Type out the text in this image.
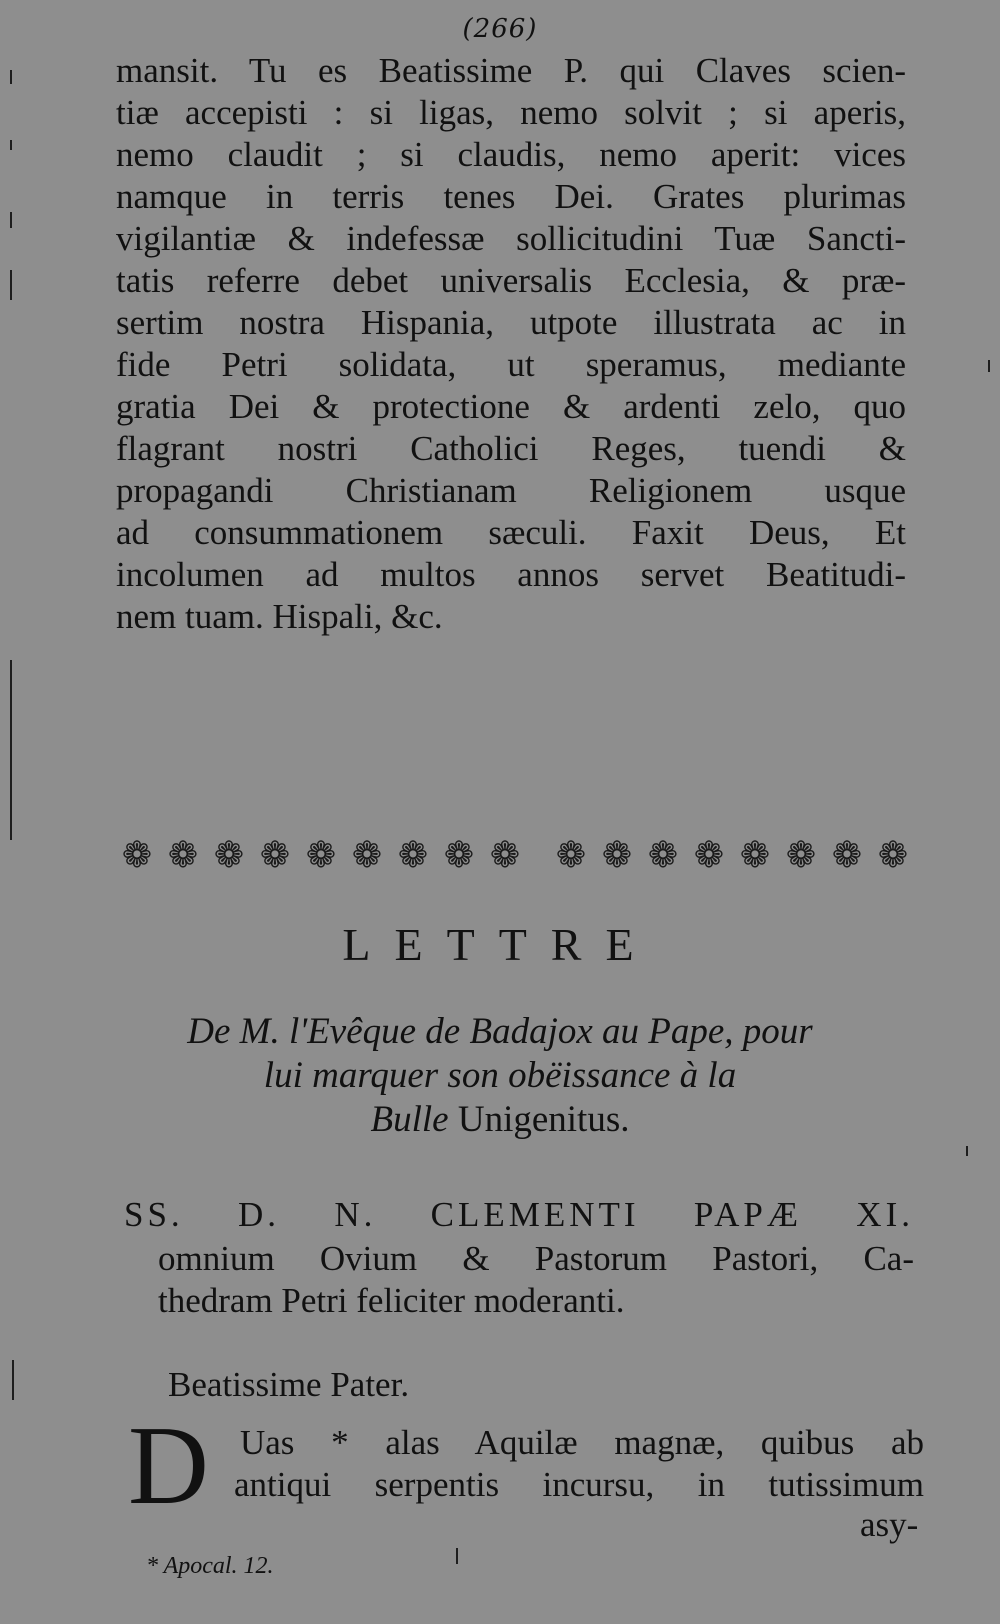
(266)
mansit. Tu es Beatissime P. qui Claves scien-
tiæ accepisti : si ligas, nemo solvit ; si aperis,
nemo claudit ; si claudis, nemo aperit: vices
namque in terris tenes Dei. Grates plurimas
vigilantiæ & indefessæ sollicitudini Tuæ Sancti-
tatis referre debet universalis Ecclesia, & præ-
sertim nostra Hispania, utpote illustrata ac in
fide Petri solidata, ut speramus, mediante
gratia Dei & protectione & ardenti zelo, quo
flagrant nostri Catholici Reges, tuendi &
propagandi Christianam Religionem usque
ad consummationem sæculi. Faxit Deus, Et
incolumen ad multos annos servet Beatitudi-
nem tuam. Hispali, &c.
❁ ❁ ❁ ❁ ❁ ❁ ❁ ❁ ❁ ❁ ❁ ❁ ❁ ❁ ❁ ❁ ❁
LETTRE
De M. l'Evêque de Badajox au Pape, pour
lui marquer son obëissance à la
Bulle Unigenitus.
SS. D. N. CLEMENTI PAPÆ XI.
omnium Ovium & Pastorum Pastori, Ca-
thedram Petri feliciter moderanti.
Beatissime Pater.
D Uas * alas Aquilæ magnæ, quibus ab
antiqui serpentis incursu, in tutissimum
asy-
* Apocal. 12.
